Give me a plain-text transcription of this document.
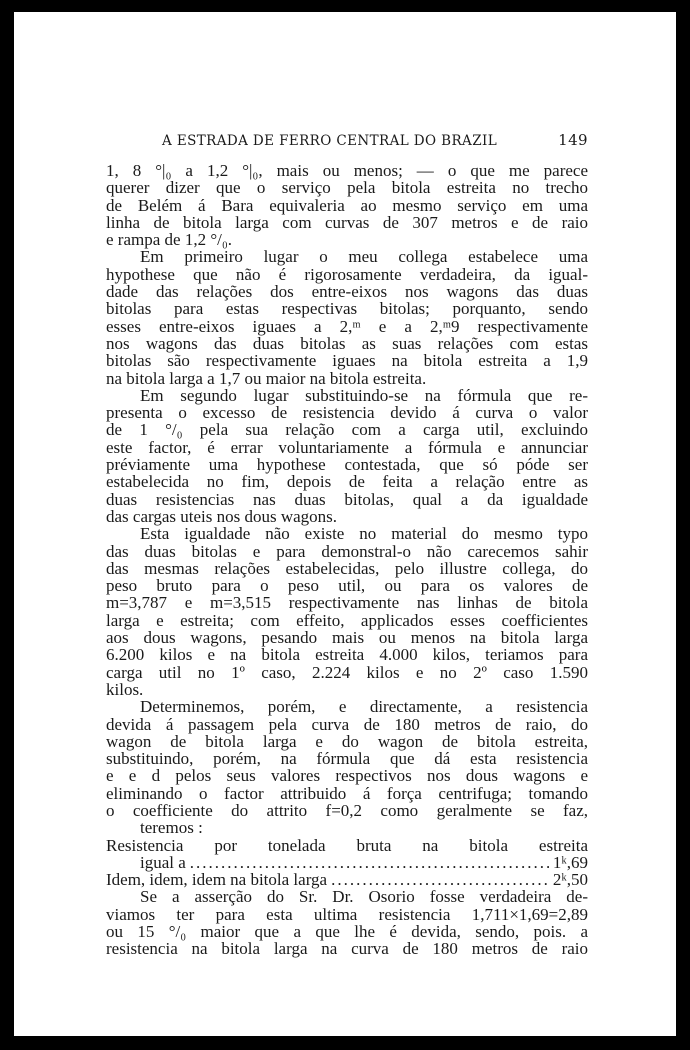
A ESTRADA DE FERRO CENTRAL DO BRAZIL	149

1, 8 °|₀ a 1,2 °|₀, mais ou menos; — o que me parece
querer dizer que o serviço pela bitola estreita no trecho
de Belém á Bara equivaleria ao mesmo serviço em uma
linha de bitola larga com curvas de 307 metros e de raio
e rampa de 1,2 °/₀.

Em primeiro lugar o meu collega estabelece uma
hypothese que não é rigorosamente verdadeira, da igual-
dade das relações dos entre-eixos nos wagons das duas
bitolas para estas respectivas bitolas; porquanto, sendo
esses entre-eixos iguaes a 2,ᵐ e a 2,ᵐ9 respectivamente
nos wagons das duas bitolas as suas relações com estas
bitolas são respectivamente iguaes na bitola estreita a 1,9
na bitola larga a 1,7 ou maior na bitola estreita.

Em segundo lugar substituindo-se na fórmula que re-
presenta o excesso de resistencia devido á curva o valor
de 1 °/₀ pela sua relação com a carga util, excluindo
este factor, é errar voluntariamente a fórmula e annunciar
préviamente uma hypothese contestada, que só póde ser
estabelecida no fim, depois de feita a relação entre as
duas resistencias nas duas bitolas, qual a da igualdade
das cargas uteis nos dous wagons.

Esta igualdade não existe no material do mesmo typo
das duas bitolas e para demonstral-o não carecemos sahir
das mesmas relações estabelecidas, pelo illustre collega, do
peso bruto para o peso util, ou para os valores de
m=3,787 e m=3,515 respectivamente nas linhas de bitola
larga e estreita; com effeito, applicados esses coefficientes
aos dous wagons, pesando mais ou menos na bitola larga
6.200 kilos e na bitola estreita 4.000 kilos, teriamos para
carga util no 1º caso, 2.224 kilos e no 2º caso 1.590
kilos.

Determinemos, porém, e directamente, a resistencia
devida á passagem pela curva de 180 metros de raio, do
wagon de bitola larga e do wagon de bitola estreita,
substituindo, porém, na fórmula que dá esta resistencia
e e d pelos seus valores respectivos nos dous wagons e
eliminando o factor attribuido á força centrifuga; tomando
o coefficiente do attrito f=0,2 como geralmente se faz,
teremos :

Resistencia por tonelada bruta na bitola estreita
igual a .....	1ᵏ,69
Idem, idem, idem na bitola larga .....	2ᵏ,50

Se a asserção do Sr. Dr. Osorio fosse verdadeira de-
viamos ter para esta ultima resistencia 1,711×1,69=2,89
ou 15 °/₀ maior que a que lhe é devida, sendo, pois. a
resistencia na bitola larga na curva de 180 metros de raio
